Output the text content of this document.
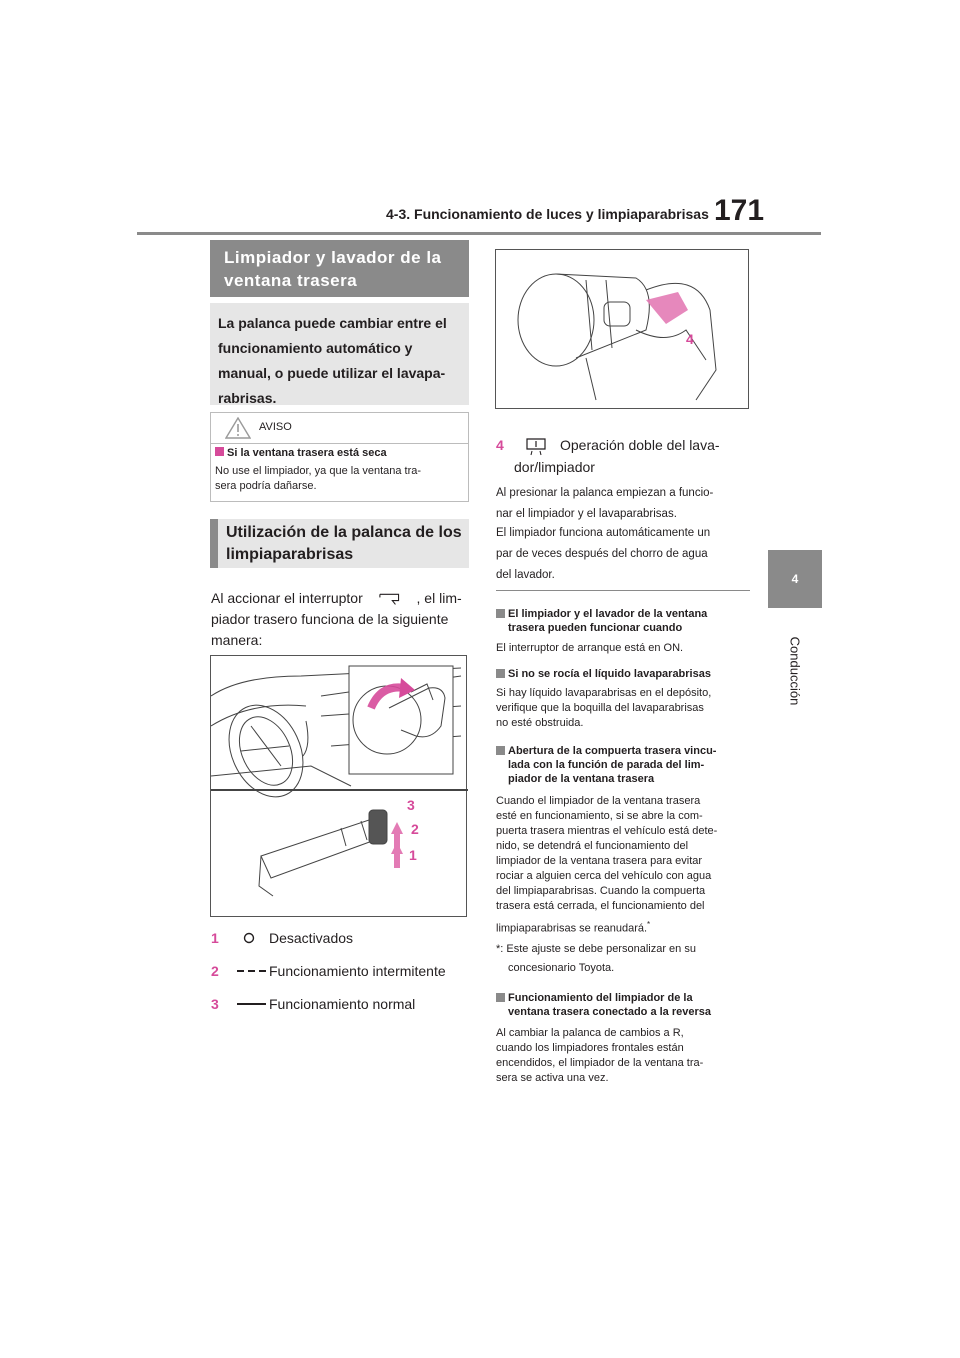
4-3. Funcionamiento de luces y limpiaparabrisas 171
4
Conducción
Limpiador y lavador de la
ventana trasera
La palanca puede cambiar entre el
funcionamiento automático y
manual, o puede utilizar el lavapa-
rabrisas.
AVISO
Si la ventana trasera está seca
No use el limpiador, ya que la ventana tra-
sera podría dañarse.
Utilización de la palanca de los
limpiaparabrisas
Al accionar el interruptor	, el lim-
piador trasero funciona de la siguiente
manera:
3
2
1
1	Desactivados
2	Funcionamiento intermitente
3	Funcionamiento normal
4
4	Operación doble del lava-
dor/limpiador
Al presionar la palanca empiezan a funcio-
nar el limpiador y el lavaparabrisas.
El limpiador funciona automáticamente un
par de veces después del chorro de agua
del lavador.
El limpiador y el lavador de la ventana
trasera pueden funcionar cuando
El interruptor de arranque está en ON.
Si no se rocía el líquido lavaparabrisas
Si hay líquido lavaparabrisas en el depósito,
verifique que la boquilla del lavaparabrisas
no esté obstruida.
Abertura de la compuerta trasera vincu-
lada con la función de parada del lim-
piador de la ventana trasera
Cuando el limpiador de la ventana trasera
esté en funcionamiento, si se abre la com-
puerta trasera mientras el vehículo está dete-
nido, se detendrá el funcionamiento del
limpiador de la ventana trasera para evitar
rociar a alguien cerca del vehículo con agua
del limpiaparabrisas. Cuando la compuerta
trasera está cerrada, el funcionamiento del
limpiaparabrisas se reanudará.*
*: Este ajuste se debe personalizar en su
concesionario Toyota.
Funcionamiento del limpiador de la
ventana trasera conectado a la reversa
Al cambiar la palanca de cambios a R,
cuando los limpiadores frontales están
encendidos, el limpiador de la ventana tra-
sera se activa una vez.
